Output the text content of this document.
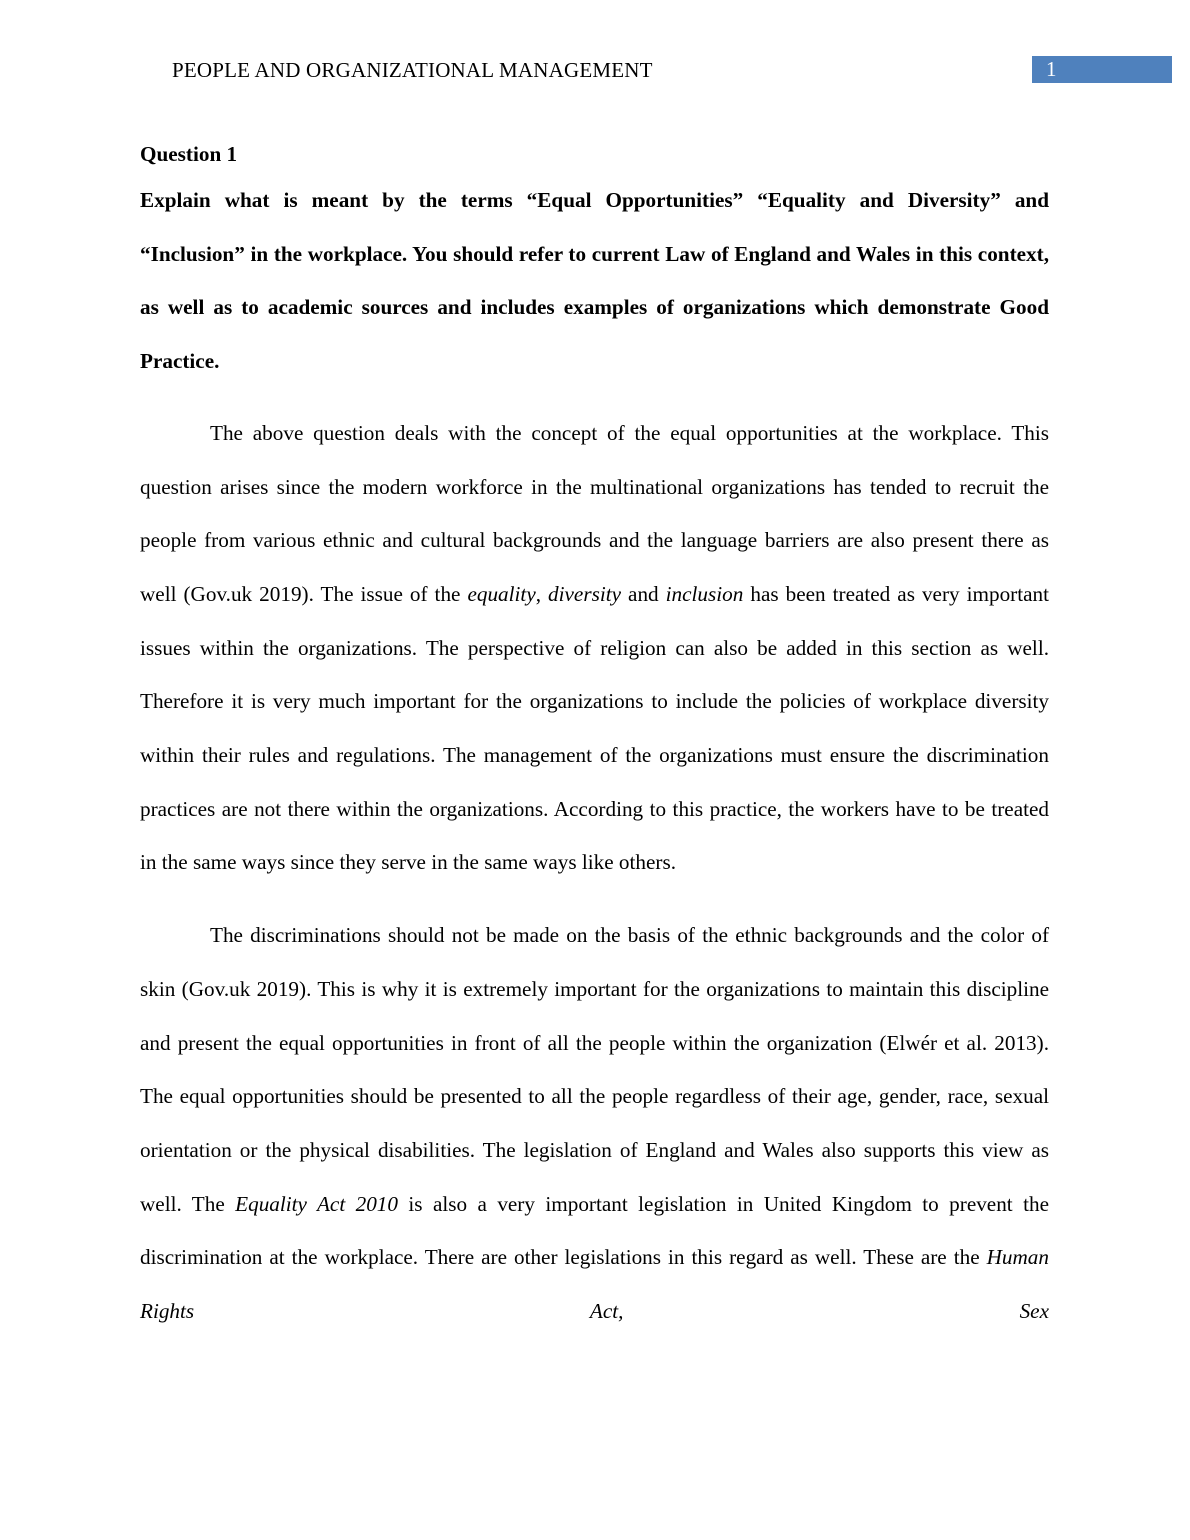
PEOPLE AND ORGANIZATIONAL MANAGEMENT	1

Question 1

Explain what is meant by the terms “Equal Opportunities” “Equality and Diversity” and “Inclusion” in the workplace. You should refer to current Law of England and Wales in this context, as well as to academic sources and includes examples of organizations which demonstrate Good Practice.

The above question deals with the concept of the equal opportunities at the workplace. This question arises since the modern workforce in the multinational organizations has tended to recruit the people from various ethnic and cultural backgrounds and the language barriers are also present there as well (Gov.uk 2019). The issue of the equality, diversity and inclusion has been treated as very important issues within the organizations. The perspective of religion can also be added in this section as well. Therefore it is very much important for the organizations to include the policies of workplace diversity within their rules and regulations. The management of the organizations must ensure the discrimination practices are not there within the organizations. According to this practice, the workers have to be treated in the same ways since they serve in the same ways like others.

The discriminations should not be made on the basis of the ethnic backgrounds and the color of skin (Gov.uk 2019). This is why it is extremely important for the organizations to maintain this discipline and present the equal opportunities in front of all the people within the organization (Elwér et al. 2013). The equal opportunities should be presented to all the people regardless of their age, gender, race, sexual orientation or the physical disabilities. The legislation of England and Wales also supports this view as well. The Equality Act 2010 is also a very important legislation in United Kingdom to prevent the discrimination at the workplace. There are other legislations in this regard as well. These are the Human Rights Act, Sex
